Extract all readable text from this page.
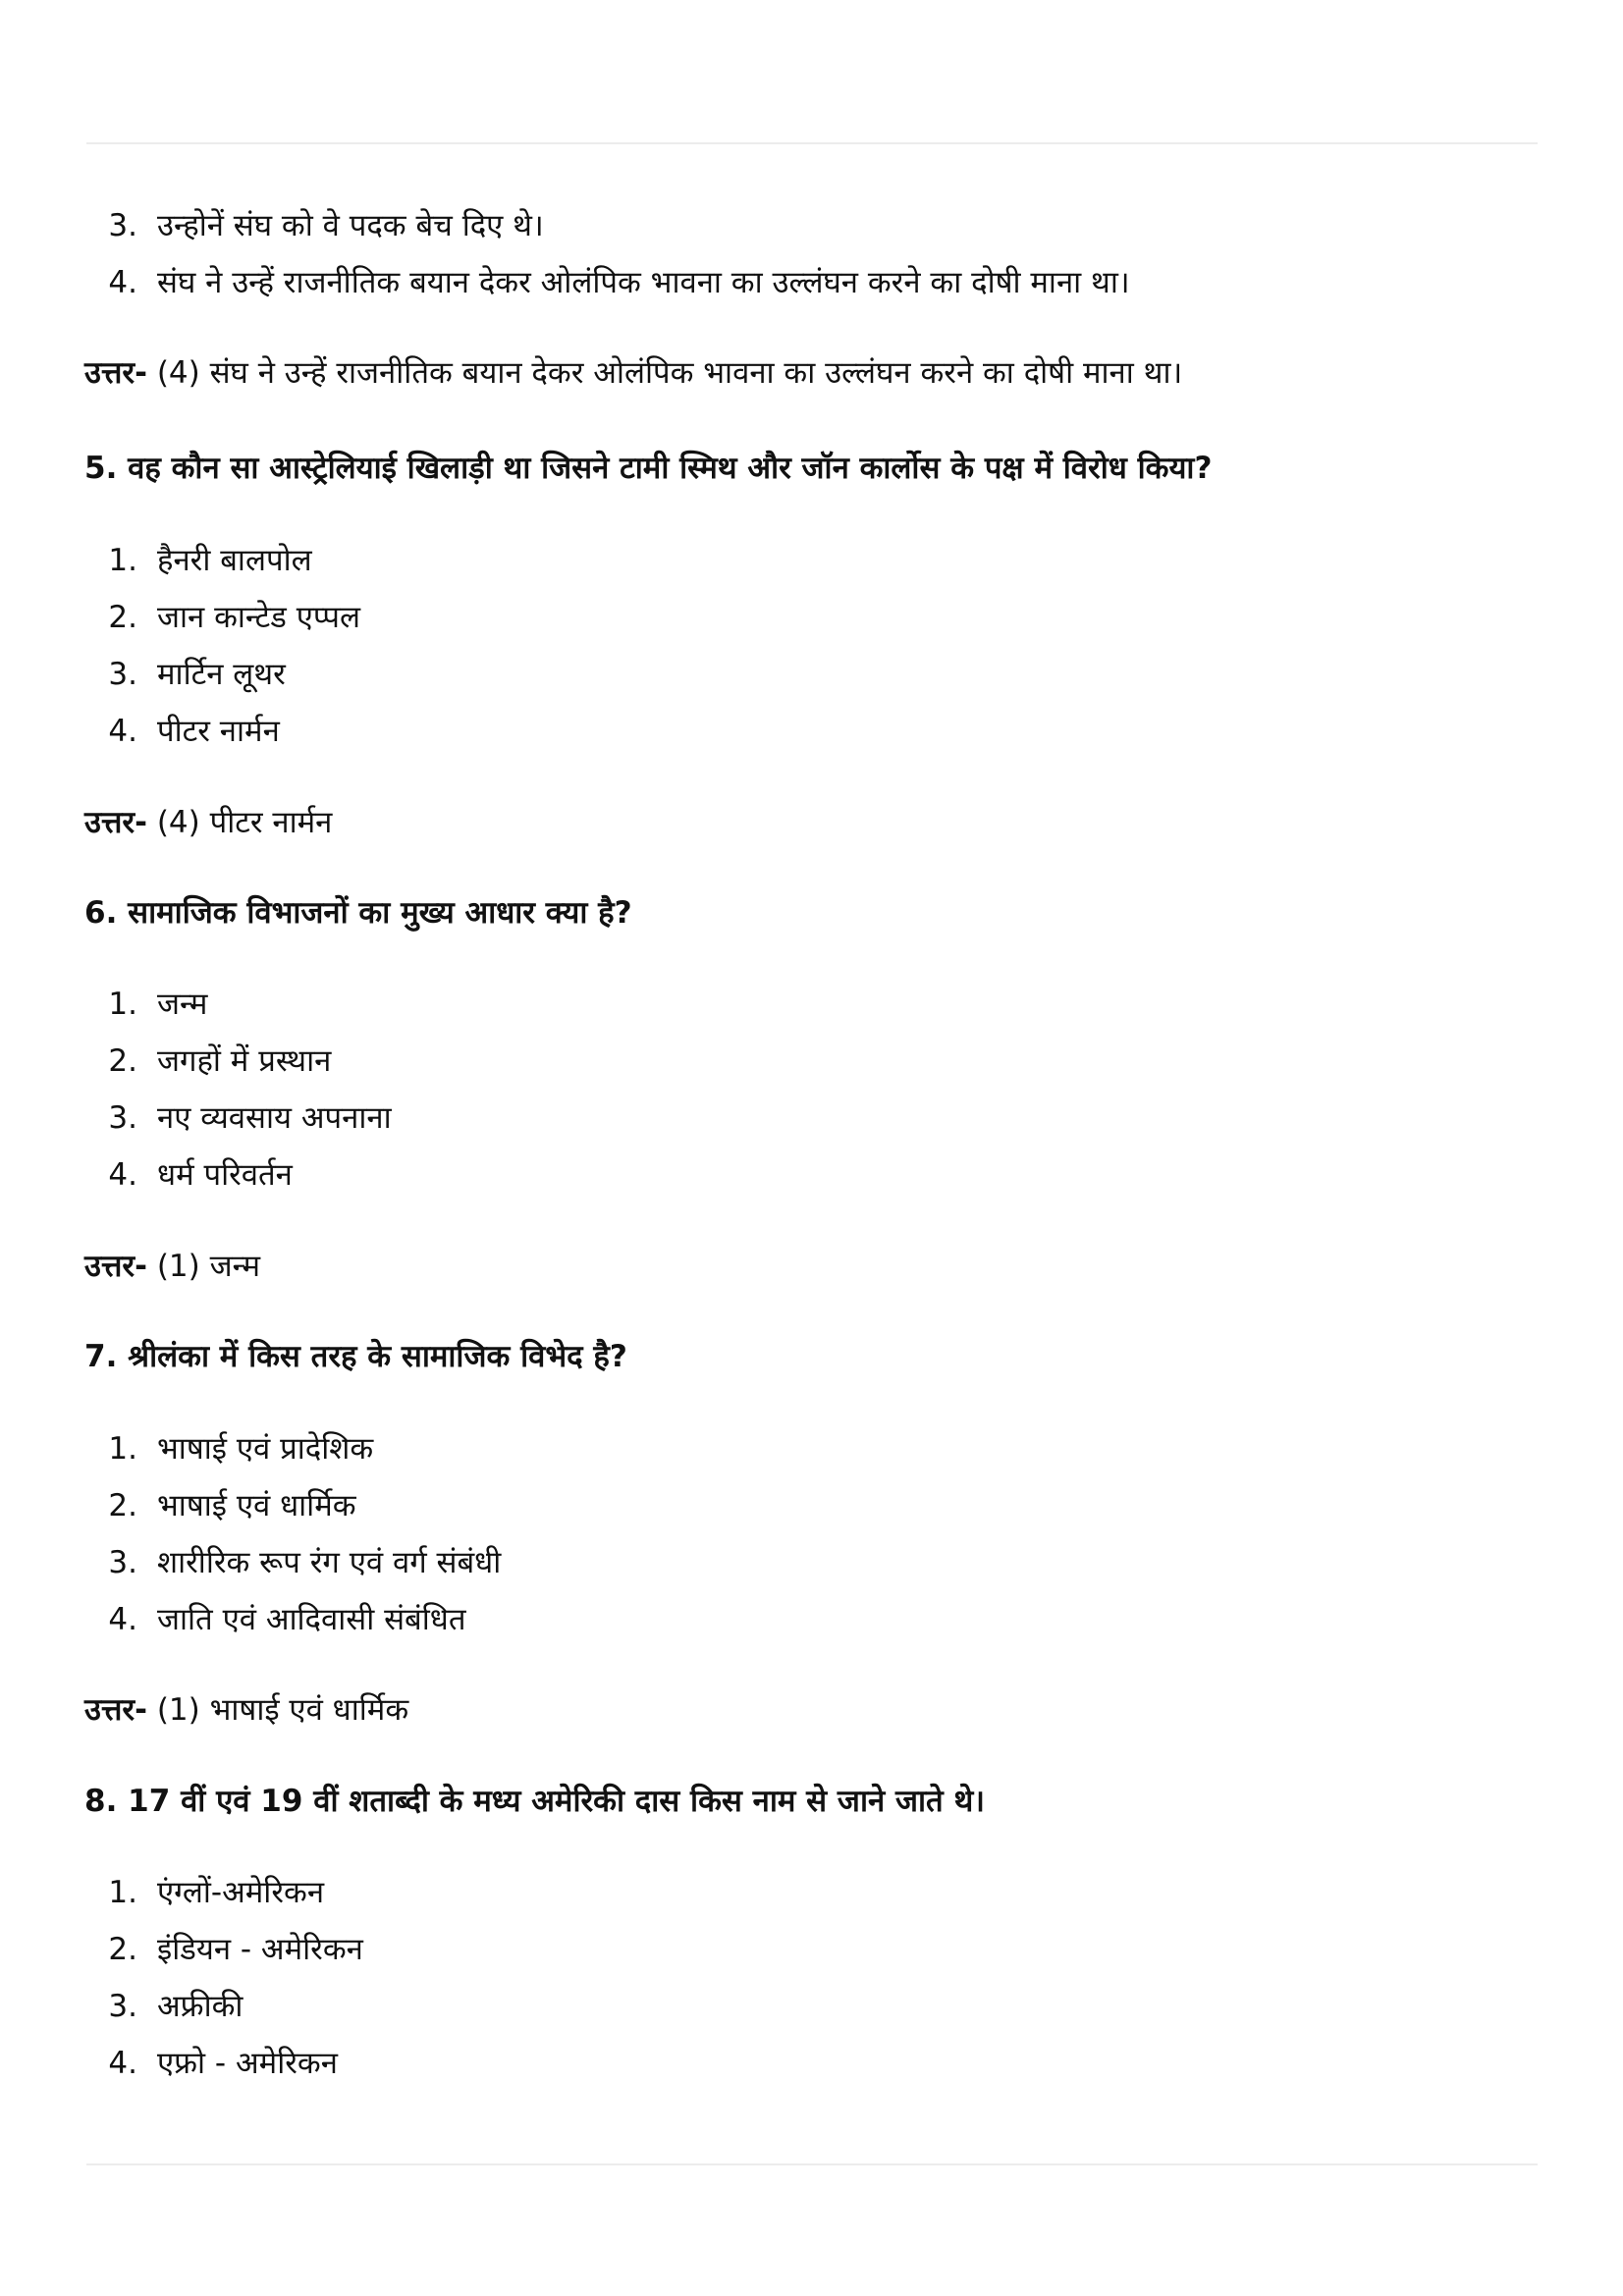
3. उन्होनें संघ को वे पदक बेच दिए थे।
4. संघ ने उन्हें राजनीतिक बयान देकर ओलंपिक भावना का उल्लंघन करने का दोषी माना था।
उत्तर- (4) संघ ने उन्हें राजनीतिक बयान देकर ओलंपिक भावना का उल्लंघन करने का दोषी माना था।
5. वह कौन सा आस्ट्रेलियाई खिलाड़ी था जिसने टामी स्मिथ और जॉन कार्लोस के पक्ष में विरोध किया?
1. हैनरी बालपोल
2. जान कान्टेड एप्पल
3. मार्टिन लूथर
4. पीटर नार्मन
उत्तर- (4) पीटर नार्मन
6. सामाजिक विभाजनों का मुख्य आधार क्या है?
1. जन्म
2. जगहों में प्रस्थान
3. नए व्यवसाय अपनाना
4. धर्म परिवर्तन
उत्तर- (1) जन्म
7. श्रीलंका में किस तरह के सामाजिक विभेद है?
1. भाषाई एवं प्रादेशिक
2. भाषाई एवं धार्मिक
3. शारीरिक रूप रंग एवं वर्ग संबंधी
4. जाति एवं आदिवासी संबंधित
उत्तर- (1) भाषाई एवं धार्मिक
8. 17 वीं एवं 19 वीं शताब्दी के मध्य अमेरिकी दास किस नाम से जाने जाते थे।
1. एंग्लों-अमेरिकन
2. इंडियन - अमेरिकन
3. अफ्रीकी
4. एफ्रो - अमेरिकन
